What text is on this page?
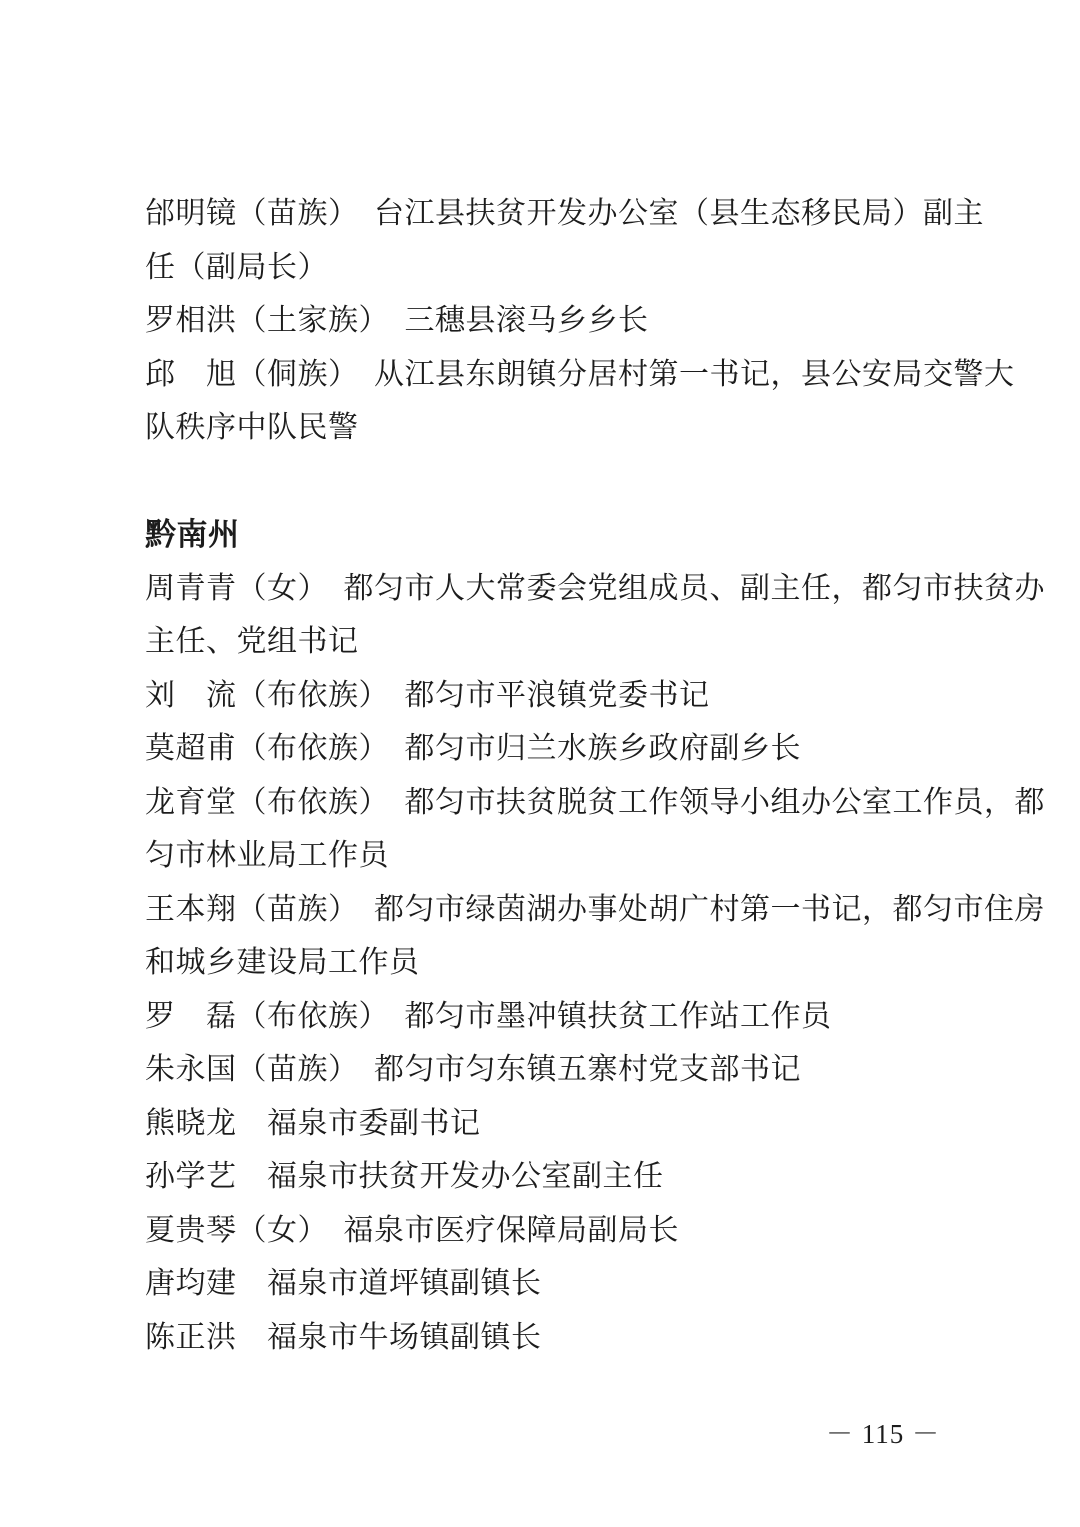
邰明镜（苗族）　台江县扶贫开发办公室（县生态移民局）副主
任（副局长）
罗相洪（土家族）　三穗县滚马乡乡长
邱　旭（侗族）　从江县东朗镇分居村第一书记，县公安局交警大
队秩序中队民警
黔南州
周青青（女）　都匀市人大常委会党组成员、副主任，都匀市扶贫办
主任、党组书记
刘　流（布依族）　都匀市平浪镇党委书记
莫超甫（布依族）　都匀市归兰水族乡政府副乡长
龙育堂（布依族）　都匀市扶贫脱贫工作领导小组办公室工作员，都
匀市林业局工作员
王本翔（苗族）　都匀市绿茵湖办事处胡广村第一书记，都匀市住房
和城乡建设局工作员
罗　磊（布依族）　都匀市墨冲镇扶贫工作站工作员
朱永国（苗族）　都匀市匀东镇五寨村党支部书记
熊晓龙　福泉市委副书记
孙学艺　福泉市扶贫开发办公室副主任
夏贵琴（女）　福泉市医疗保障局副局长
唐均建　福泉市道坪镇副镇长
陈正洪　福泉市牛场镇副镇长
－ 115 －
